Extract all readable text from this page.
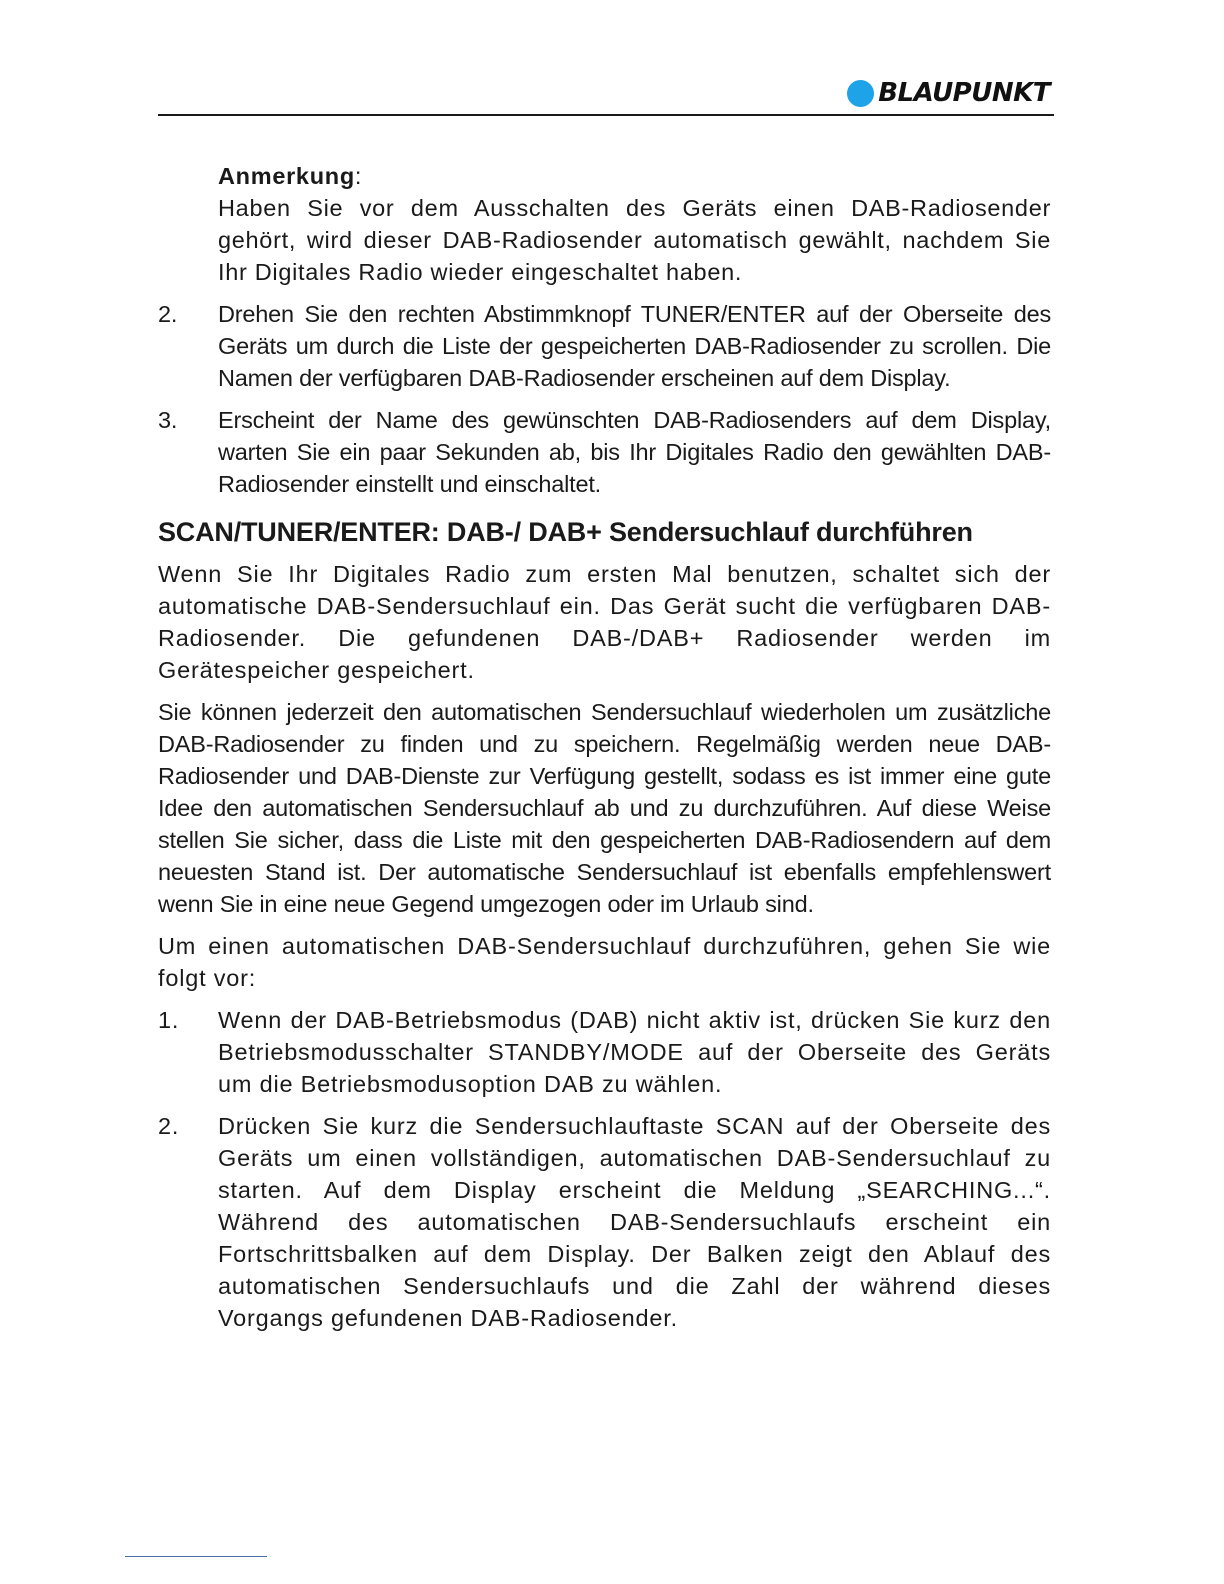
BLAUPUNKT
Anmerkung:
Haben Sie vor dem Ausschalten des Geräts einen DAB-Radiosender gehört, wird dieser DAB-Radiosender automatisch gewählt, nachdem Sie Ihr Digitales Radio wieder eingeschaltet haben.
2.	Drehen Sie den rechten Abstimmknopf TUNER/ENTER auf der Oberseite des Geräts um durch die Liste der gespeicherten DAB-Radiosender zu scrollen. Die Namen der verfügbaren DAB-Radiosender erscheinen auf dem Display.
3.	Erscheint der Name des gewünschten DAB-Radiosenders auf dem Display, warten Sie ein paar Sekunden ab, bis Ihr Digitales Radio den gewählten DAB-Radiosender einstellt und einschaltet.
SCAN/TUNER/ENTER: DAB-/ DAB+ Sendersuchlauf durchführen

Wenn Sie Ihr Digitales Radio zum ersten Mal benutzen, schaltet sich der automatische DAB-Sendersuchlauf ein. Das Gerät sucht die verfügbaren DAB-Radiosender. Die gefundenen DAB-/DAB+ Radiosender werden im Gerätespeicher gespeichert.

Sie können jederzeit den automatischen Sendersuchlauf wiederholen um zusätzliche DAB-Radiosender zu finden und zu speichern. Regelmäßig werden neue DAB-Radiosender und DAB-Dienste zur Verfügung gestellt, sodass es ist immer eine gute Idee den automatischen Sendersuchlauf ab und zu durchzuführen. Auf diese Weise stellen Sie sicher, dass die Liste mit den gespeicherten DAB-Radiosendern auf dem neuesten Stand ist. Der automatische Sendersuchlauf ist ebenfalls empfehlenswert wenn Sie in eine neue Gegend umgezogen oder im Urlaub sind.

Um einen automatischen DAB-Sendersuchlauf durchzuführen, gehen Sie wie folgt vor:

1.	Wenn der DAB-Betriebsmodus (DAB) nicht aktiv ist, drücken Sie kurz den Betriebsmodusschalter STANDBY/MODE auf der Oberseite des Geräts um die Betriebsmodusoption DAB zu wählen.
2.	Drücken Sie kurz die Sendersuchlauftaste SCAN auf der Oberseite des Geräts um einen vollständigen, automatischen DAB-Sendersuchlauf zu starten. Auf dem Display erscheint die Meldung „SEARCHING...“. Während des automatischen DAB-Sendersuchlaufs erscheint ein Fortschrittsbalken auf dem Display. Der Balken zeigt den Ablauf des automatischen Sendersuchlaufs und die Zahl der während dieses Vorgangs gefundenen DAB-Radiosender.
